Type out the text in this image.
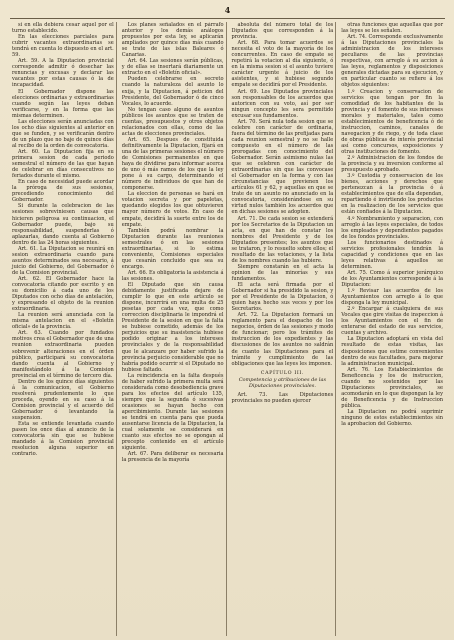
4

si en ella debiera cesar aquel por el turno establecido.

En las elecciones parciales para cubrir vacantes extraordinarias se tendrá en cuenta lo dispuesto en el art. 59.

Art. 59. A la Diputacion provincial corresponde admitir ó desechar las renuncias y excusas y declarar las vacantes por estas causas ó la de incapacidad.

El Gobernador dispone las elecciones ordinarias y extraordinarias cuando según las leyes deban verificarse, y en la forma que las mismas determinen.

Las elecciones serán anunciadas con los ocho días siguientes al anterior en que se funden, y se verificarán dentro de un plazo que no baje de quince días al recibo de la orden de convocatoria.

Art. 60. La Diputacion fija en su primera sesion de cada periodo semestral el número de las que hayan de celebrar en días consecutivos no feriados durante el mismo.

En caso de necesidad puede acordar la próroga de sus sesiones, precediendo conocimiento del Gobernador.

Si durante la celebracion de las sesiones sobreviniesen causas que hicieren peligrosa su continuacion, el Gobernador puede, bajo su responsabilidad, suspenderlas ó aplazarlas, dando cuenta al Gobierno dentro de las 24 horas siguientes.

Art. 61. La Diputacion se reunirá en sesion extraordinaria cuando para asuntos determinados sea necesario, á juicio del Gobierno, del Gobernador ó de la Comision provincial.

Art. 62. El Gobernador hace la convocatoria citando por escrito y en su domicilio á cada uno de los Diputados con ocho días de antelación, y expresando el objeto de la reunion extraordinaria.

La reunion será anunciada con la misma antelacion en el «Boletín oficial» de la provincia.

Art. 63. Cuando por fundados motivos crea el Gobernador que de una reunion extraordinaria pueden sobrevenir alteraciones en el órden público, participará su convocatoria dando cuenta al Gobierno y manifestándolo á la Comision provincial en el término de tercero día.

Dentro de los quince días siguientes á la comunicacion, el Gobierno resolverá prudentemente lo que proceda, oyendo en su caso á la Comision provincial y el acuerdo del Gobernador ó levantando la suspension.

Esta se entiende levantada cuando pasen los once días al anuncio de la convocatoria sin que se hubiese mandado á la Comision provincial resolucion alguna superior en contrario.

Los planes señalados en el párrafo anterior y los demás análogos propuestos por esta ley, se aplicarán ampliados por quince días más cuando se trate de las islas Baleares ó Canarias.

Art. 64. Las sesiones serán públicas, y de ellas se insertará diariamente un extracto en el «Boletín oficial».

Pueden celebrarse en secreto cuando la naturaleza del asunto lo exija, y la Diputacion, á peticion del Presidente, del Gobernador ó de cinco Vocales, lo acuerde.

No tengan caso alguno de asuntos públicos los asuntos que se traten de cuentas, presupuestos y otros objetos relacionados con ellas, como de las actas de elecciones provinciales.

Art. 65. Despues de constituida definitivamente la Diputacion, fijará en una de las primeras sesiones el número de Comisiones permanentes en que haya de dividirse para informar acerca de uno ó más ramos de los que la ley pone á su cargo, determinando el número de individuos de que han de componerse.

La eleccion de personas se hará en votacion secreta y por papeletas, quedando elegidos los que obtuvieren mayor número de votos. En caso de empate, decidirá la suerte entre los de empate.

También podrá nombrar la Diputacion durante las reuniones semestrales ó en las sesiones extraordinarias, si lo estima conveniente, Comisiones especiales que cesarán concluido que sea su encargo.

Art. 66. Es obligatoria la asistencia á las sesiones.

El Diputado que sin causa debidamente justificada dejare de cumplir lo que en este artículo se dispone, incurrirá en una multa de 25 pesetas por cada vez, que como correccion disciplinaria le impondrá el Presidente de la sesion en que la falta se hubiese cometido, además de los perjuicios que su inasistencia hubiese podido originar a los intereses provinciales y de la responsabilidad que le alcanzare por haber sufrido la provincia perjuicio considerable que no habría podido ocurrir si el Diputado no hubiese faltado.

La reincidencia en la falta después de haber sufrido la primera multa será considerada como desobediencia grave para los efectos del artículo 135, siempre que la segunda ó sucesivas ocasiones se hayan hecho con apercibimiento. Durante las sesiones se tendrá en cuenta para que pueda ausentarse licencia de la Diputacion, la cual solamente se considerará en cuanto sus efectos no se opongan al precepto contenido en el artículo siguiente.

Art. 67. Para deliberar es necesaria la presencia de la mayoría

absoluta del número total de los Diputados que corresponden á la provincia.

Art. 68. Para tomar acuerdos se necesita el voto de la mayoría de los concurrentes. En caso de empate se repetirá la votacion al día siguiente, ó en la misma sesion si el asunto tuviere carácter urgente á juicio de los asistentes, y si hubiese segundo empate se decidirá por el Presidente.

Art. 69. Los Diputados provinciales son responsables de los acuerdos que autoricen con su voto, así por ser ningun concepto les sera permitido excusar sus fundamentos.

Art. 70. Será nula toda sesion que se celebre con carácter de ordinaria, fuera del término de las prefijadas para cada reunion semestral y no se halle compuesto en el número de las prorogadas con conocimiento del Gobernador. Serán asimismo nulas las que se celebren con carácter de extraordinarias sin que las convocase el Gobernador en la forma y con las circunstancias que previenen los artículos 61 y 62, y aquellas en que se trate de un asunto no anunciado en la convocatoria, considerándose en su virtud nulos también los acuerdos que en dichas sesiones se adopten.

Art. 71. De cada sesion se extenderá por los Secretarios de la Diputacion un acta, en que han de constar los nombres del Presidente y de los Diputados presentes; los asuntos que se trataron, y lo resuelto sobre ellos; el resultado de las votaciones, y la lista de los nombres cuando las hubiere.

Siempre constarán en el acta la opinion de las minorías y sus fundamentos.

El acta será firmada por el Gobernador si ha presidido la sesion, y por el Presidente de la Diputacion, ó quien haya hecho sus veces y por los Secretarios.

Art. 72. La Diputacion formará un reglamento para el despacho de los negocios, órden de las sesiones y modo de funcionar; pero los trámites de instruccion de los expedientes y las discusiones de los asuntos no saldrán de cuanto las Diputaciones para el trámite y cumplimiento de las obligaciones que las leyes les imponen.

CAPÍTULO III.

Competencia y atribuciones de las Diputaciones provinciales.

Art. 73. Las Diputaciones provinciales no pueden ejercer

otras funciones que aquellas que por las leyes se les señalen.

Art. 74. Corresponde exclusivamente á las Diputaciones provinciales la administracion de los intereses peculiares de las provincias respectivas, con arreglo á su accion á las leyes, reglamentos y disposiciones generales dictadas para su ejecucion, y en particular cuanto se refiere á los objetos siguientes:

1.º Creacion y conservacion de servicios que tengan por fin la comodidad de los habitantes de la provincia y el fomento de sus intereses morales y materiales, tales como establecimientos de beneficencia ó de instruccion, caminos, canales de navegacion y de riego, y de toda clase de obras públicas de interés provincial así como concursos, exposiciones y otras instituciones de fomento.

2.º Administracion de los fondos de la provincia y su inversion conforme al presupuesto aprobado.

3.º Custodia y conservacion de los bienes, acciones y derechos que pertenezcan á la provincia ó á establecimientos que de ella dependan, repartiendo é invirtiendo los productos en la realizacion de los servicios que están confiados á la Diputacion.

4.º Nombramiento y separacion, con arreglo á las leyes especiales, de todos los empleados y dependientes pagados de los fondos provinciales.

Los funcionarios destinados á servicios profesionales tendrán la capacidad y condiciones que en las leyes relativas á aquellos se determinen.

Art. 75. Como á superior jerárquico de los Ayuntamientos corresponde á la Diputacion:

1.º Revisar las acuerdos de los Ayuntamientos con arreglo á lo que disponga la ley municipal.

2.º Encargar á cualquiera de sus Vocales que gire visitas de inspeccion á los Ayuntamientos con el fin de enterarse del estado de sus servicios, cuentas y archivo.

La Diputacion adoptará en vista del resultado de estas visitas, las disposiciones que estime convenientes dentro de sus facultades, para mejorar la administracion municipal.

Art. 76. Los Establecimientos de Beneficencia y los de instruccion, cuando no sostenidos por las Diputaciones provinciales, se acomodarán en lo que dispongan la ley de Beneficencia y de Instruccion pública.

La Diputacion no podrá suprimir ninguno de estos establecimientos sin la aprobacion del Gobierno.
